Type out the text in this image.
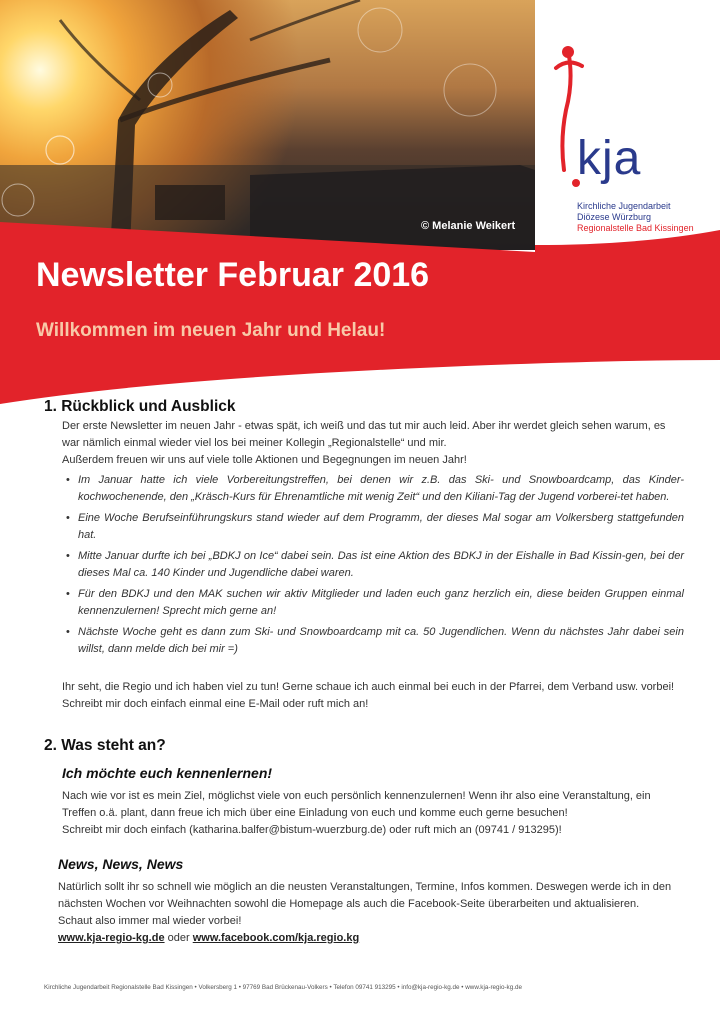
© Melanie Weikert
kja
Kirchliche Jugendarbeit
Diözese Würzburg
Regionalstelle Bad Kissingen
Newsletter Februar 2016
Willkommen im neuen Jahr und Helau!
1. Rückblick und Ausblick
Der erste Newsletter im neuen Jahr - etwas spät, ich weiß und das tut mir auch leid. Aber ihr werdet gleich sehen warum, es war nämlich einmal wieder viel los bei meiner Kollegin „Regionalstelle“ und mir.
Außerdem freuen wir uns auf viele tolle Aktionen und Begegnungen im neuen Jahr!
• Im Januar hatte ich viele Vorbereitungstreffen, bei denen wir z.B. das Ski- und Snowboardcamp, das Kinder-kochwochenende, den „Kräsch-Kurs für Ehrenamtliche mit wenig Zeit“ und den Kiliani-Tag der Jugend vorberei-tet haben.
• Eine Woche Berufseinführungskurs stand wieder auf dem Programm, der dieses Mal sogar am Volkersberg stattgefunden hat.
• Mitte Januar durfte ich bei „BDKJ on Ice“ dabei sein. Das ist eine Aktion des BDKJ in der Eishalle in Bad Kissin-gen, bei der dieses Mal ca. 140 Kinder und Jugendliche dabei waren.
• Für den BDKJ und den MAK suchen wir aktiv Mitglieder und laden euch ganz herzlich ein, diese beiden Gruppen einmal kennenzulernen! Sprecht mich gerne an!
• Nächste Woche geht es dann zum Ski- und Snowboardcamp mit ca. 50 Jugendlichen. Wenn du nächstes Jahr dabei sein willst, dann melde dich bei mir =)
Ihr seht, die Regio und ich haben viel zu tun! Gerne schaue ich auch einmal bei euch in der Pfarrei, dem Verband usw. vorbei! Schreibt mir doch einfach einmal eine E-Mail oder ruft mich an!
2. Was steht an?
Ich möchte euch kennenlernen!
Nach wie vor ist es mein Ziel, möglichst viele von euch persönlich kennenzulernen! Wenn ihr also eine Veranstaltung, ein Treffen o.ä. plant, dann freue ich mich über eine Einladung von euch und komme euch gerne besuchen!
Schreibt mir doch einfach (katharina.balfer@bistum-wuerzburg.de) oder ruft mich an (09741 / 913295)!
News, News, News
Natürlich sollt ihr so schnell wie möglich an die neusten Veranstaltungen, Termine, Infos kommen. Deswegen werde ich in den nächsten Wochen vor Weihnachten sowohl die Homepage als auch die Facebook-Seite überarbeiten und aktualisieren.
Schaut also immer mal wieder vorbei!
www.kja-regio-kg.de oder www.facebook.com/kja.regio.kg
Kirchliche Jugendarbeit Regionalstelle Bad Kissingen • Volkersberg 1 • 97769 Bad Brückenau-Volkers • Telefon 09741 913295 • info@kja-regio-kg.de • www.kja-regio-kg.de
